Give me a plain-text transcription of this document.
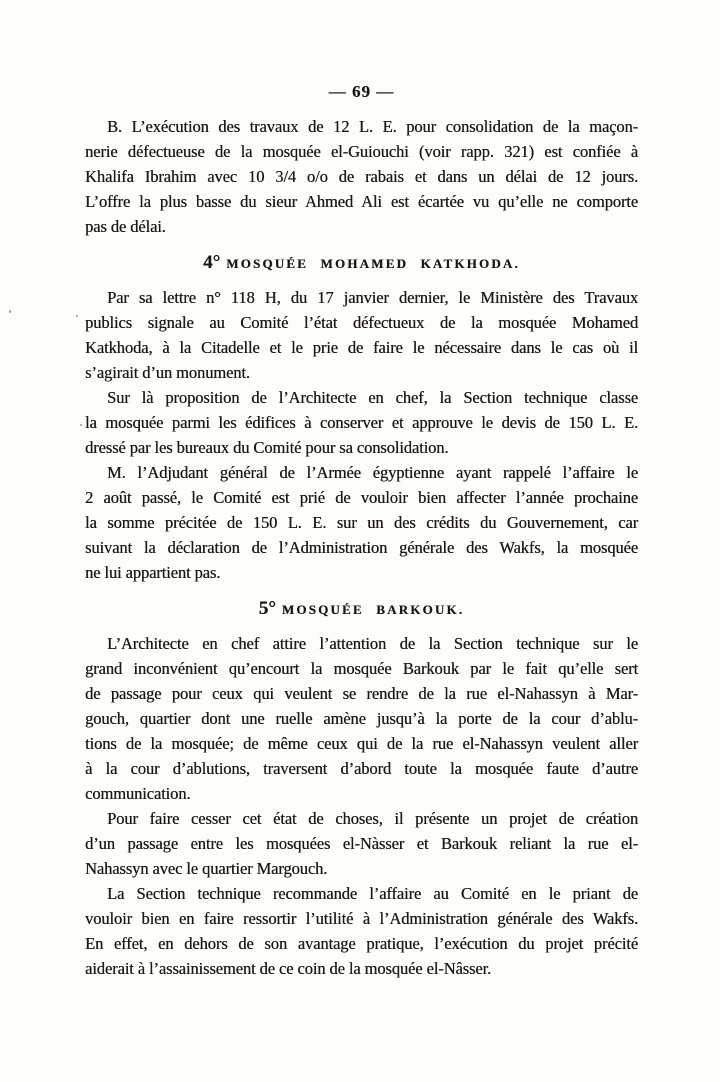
— 69 —
B. L’exécution des travaux de 12 L. E. pour consolidation de la maçon-
nerie défectueuse de la mosquée el-Guiouchi (voir rapp. 321) est confiée à
Khalifa Ibrahim avec 10 3/4 o/o de rabais et dans un délai de 12 jours.
L’offre la plus basse du sieur Ahmed Ali est écartée vu qu’elle ne comporte
pas de délai.
4° MOSQUÉE MOHAMED KATKHODA.
Par sa lettre n° 118 H, du 17 janvier dernier, le Ministère des Travaux
publics signale au Comité l’état défectueux de la mosquée Mohamed
Katkhoda, à la Citadelle et le prie de faire le nécessaire dans le cas où il
s’agirait d’un monument.
Sur là proposition de l’Architecte en chef, la Section technique classe
la mosquée parmi les édifices à conserver et approuve le devis de 150 L. E.
dressé par les bureaux du Comité pour sa consolidation.
M. l’Adjudant général de l’Armée égyptienne ayant rappelé l’affaire le
2 août passé, le Comité est prié de vouloir bien affecter l’année prochaine
la somme précitée de 150 L. E. sur un des crédits du Gouvernement, car
suivant la déclaration de l’Administration générale des Wakfs, la mosquée
ne lui appartient pas.
5° MOSQUÉE BARKOUK.
L’Architecte en chef attire l’attention de la Section technique sur le
grand inconvénient qu’encourt la mosquée Barkouk par le fait qu’elle sert
de passage pour ceux qui veulent se rendre de la rue el-Nahassyn à Mar-
gouch, quartier dont une ruelle amène jusqu’à la porte de la cour d’ablu-
tions de la mosquée; de même ceux qui de la rue el-Nahassyn veulent aller
à la cour d’ablutions, traversent d’abord toute la mosquée faute d’autre
communication.
Pour faire cesser cet état de choses, il présente un projet de création
d’un passage entre les mosquées el-Nàsser et Barkouk reliant la rue el-
Nahassyn avec le quartier Margouch.
La Section technique recommande l’affaire au Comité en le priant de
vouloir bien en faire ressortir l’utilité à l’Administration générale des Wakfs.
En effet, en dehors de son avantage pratique, l’exécution du projet précité
aiderait à l’assainissement de ce coin de la mosquée el-Nâsser.
